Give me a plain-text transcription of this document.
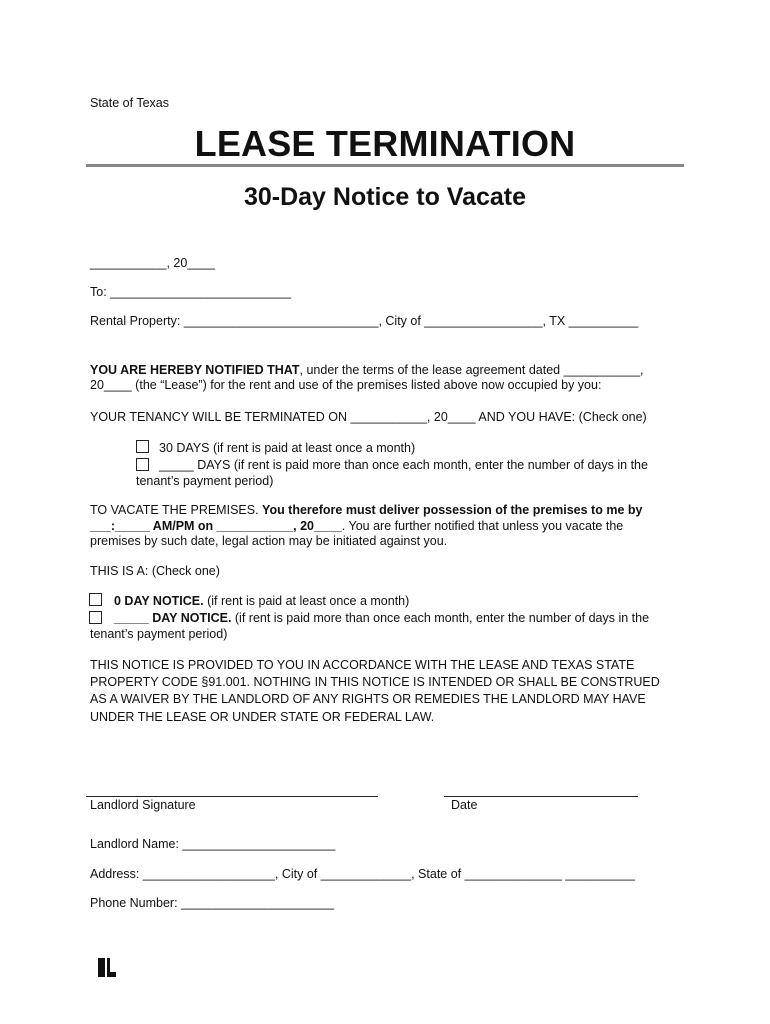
State of Texas
LEASE TERMINATION
30-Day Notice to Vacate
___________, 20____
To: __________________________
Rental Property: ____________________________, City of _________________, TX __________
YOU ARE HEREBY NOTIFIED THAT, under the terms of the lease agreement dated ___________,
20____ (the “Lease”) for the rent and use of the premises listed above now occupied by you:
YOUR TENANCY WILL BE TERMINATED ON ___________, 20____ AND YOU HAVE: (Check one)
30 DAYS (if rent is paid at least once a month)
_____ DAYS (if rent is paid more than once each month, enter the number of days in the
tenant’s payment period)
TO VACATE THE PREMISES. You therefore must deliver possession of the premises to me by
___:_____ AM/PM on ___________, 20____. You are further notified that unless you vacate the
premises by such date, legal action may be initiated against you.
THIS IS A: (Check one)
0 DAY NOTICE. (if rent is paid at least once a month)
_____ DAY NOTICE. (if rent is paid more than once each month, enter the number of days in the
tenant’s payment period)
THIS NOTICE IS PROVIDED TO YOU IN ACCORDANCE WITH THE LEASE AND TEXAS STATE
PROPERTY CODE §91.001. NOTHING IN THIS NOTICE IS INTENDED OR SHALL BE CONSTRUED
AS A WAIVER BY THE LANDLORD OF ANY RIGHTS OR REMEDIES THE LANDLORD MAY HAVE
UNDER THE LEASE OR UNDER STATE OR FEDERAL LAW.
Landlord Signature	Date
Landlord Name: ______________________
Address: ___________________, City of _____________, State of ______________ __________
Phone Number: ______________________
